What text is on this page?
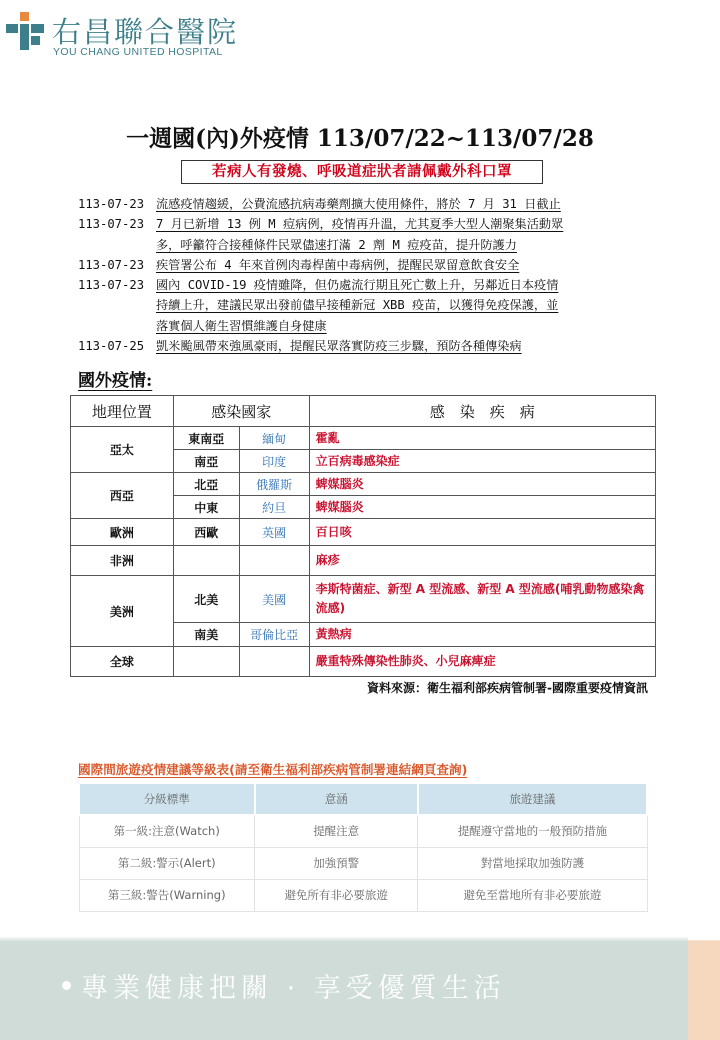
右昌聯合醫院
YOU CHANG UNITED HOSPITAL
一週國(內)外疫情 113/07/22~113/07/28
若病人有發燒、呼吸道症狀者請佩戴外科口罩
113-07-23 流感疫情趨緩，公費流感抗病毒藥劑擴大使用條件，將於 7 月 31 日截止
113-07-23 7 月已新增 13 例 M 痘病例，疫情再升溫，尤其夏季大型人潮聚集活動眾
多，呼籲符合接種條件民眾儘速打滿 2 劑 M 痘疫苗，提升防護力
113-07-23 疾管署公布 4 年來首例肉毒桿菌中毒病例，提醒民眾留意飲食安全
113-07-23 國內 COVID-19 疫情雖降，但仍處流行期且死亡數上升，另鄰近日本疫情
持續上升，建議民眾出發前儘早接種新冠 XBB 疫苗，以獲得免疫保護，並
落實個人衛生習慣維護自身健康
113-07-25 凱米颱風帶來強風豪雨，提醒民眾落實防疫三步驟，預防各種傳染病
國外疫情:
地理位置	感染國家		感　染　疾　病
亞太	東南亞	緬甸	霍亂
	南亞	印度	立百病毒感染症
西亞	北亞	俄羅斯	蜱媒腦炎
	中東	約旦	蜱媒腦炎
歐洲	西歐	英國	百日咳
非洲			麻疹
美洲	北美	美國	李斯特菌症、新型 A 型流感、新型 A 型流感(哺乳動物感染禽流感)
	南美	哥倫比亞	黃熱病
全球			嚴重特殊傳染性肺炎、小兒麻痺症
資料來源：衛生福利部疾病管制署-國際重要疫情資訊
國際間旅遊疫情建議等級表(請至衛生福利部疾病管制署連結網頁查詢)
分級標準	意涵	旅遊建議
第一級:注意(Watch)	提醒注意	提醒遵守當地的一般預防措施
第二級:警示(Alert)	加強預警	對當地採取加強防護
第三級:警告(Warning)	避免所有非必要旅遊	避免至當地所有非必要旅遊
專業健康把關 · 享受優質生活
